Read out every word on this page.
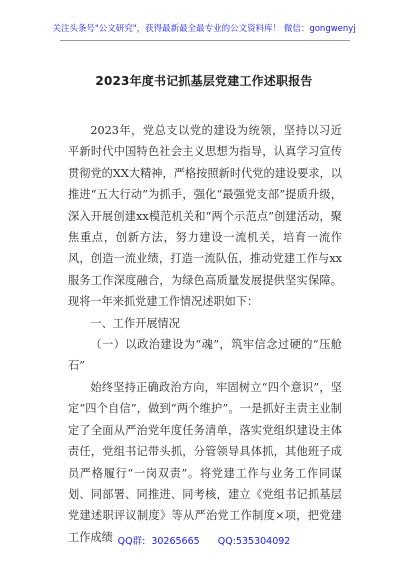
关注头条号"公文研究"，获得最新最全最专业的公文资料库！ 微信：gongwenyj
2023年度书记抓基层党建工作述职报告

2023年，党总支以党的建设为统领，坚持以习近平新时代中国特色社会主义思想为指导，认真学习宣传贯彻党的XX大精神，严格按照新时代党的建设要求，以推进“五大行动”为抓手，强化“最强党支部”提质升级，深入开展创建xx模范机关和“两个示范点”创建活动，聚焦重点，创新方法，努力建设一流机关，培育一流作风，创造一流业绩，打造一流队伍，推动党建工作与xx服务工作深度融合，为绿色高质量发展提供坚实保障。现将一年来抓党建工作情况述职如下：

一、工作开展情况

（一）以政治建设为“魂”，筑牢信念过硬的“压舱石”

始终坚持正确政治方向，牢固树立“四个意识”，坚定“四个自信”，做到“两个维护”。一是抓好主责主业制定了全面从严治党年度任务清单，落实党组织建设主体责任，党组书记带头抓，分管领导具体抓，其他班子成员严格履行“一岗双责”。将党建工作与业务工作同谋划、同部署、同推进、同考核，建立《党组书记抓基层党建述职评议制度》等从严治党工作制度×项，把党建工作成绩 QQ群:  30265665      QQ:535304092
